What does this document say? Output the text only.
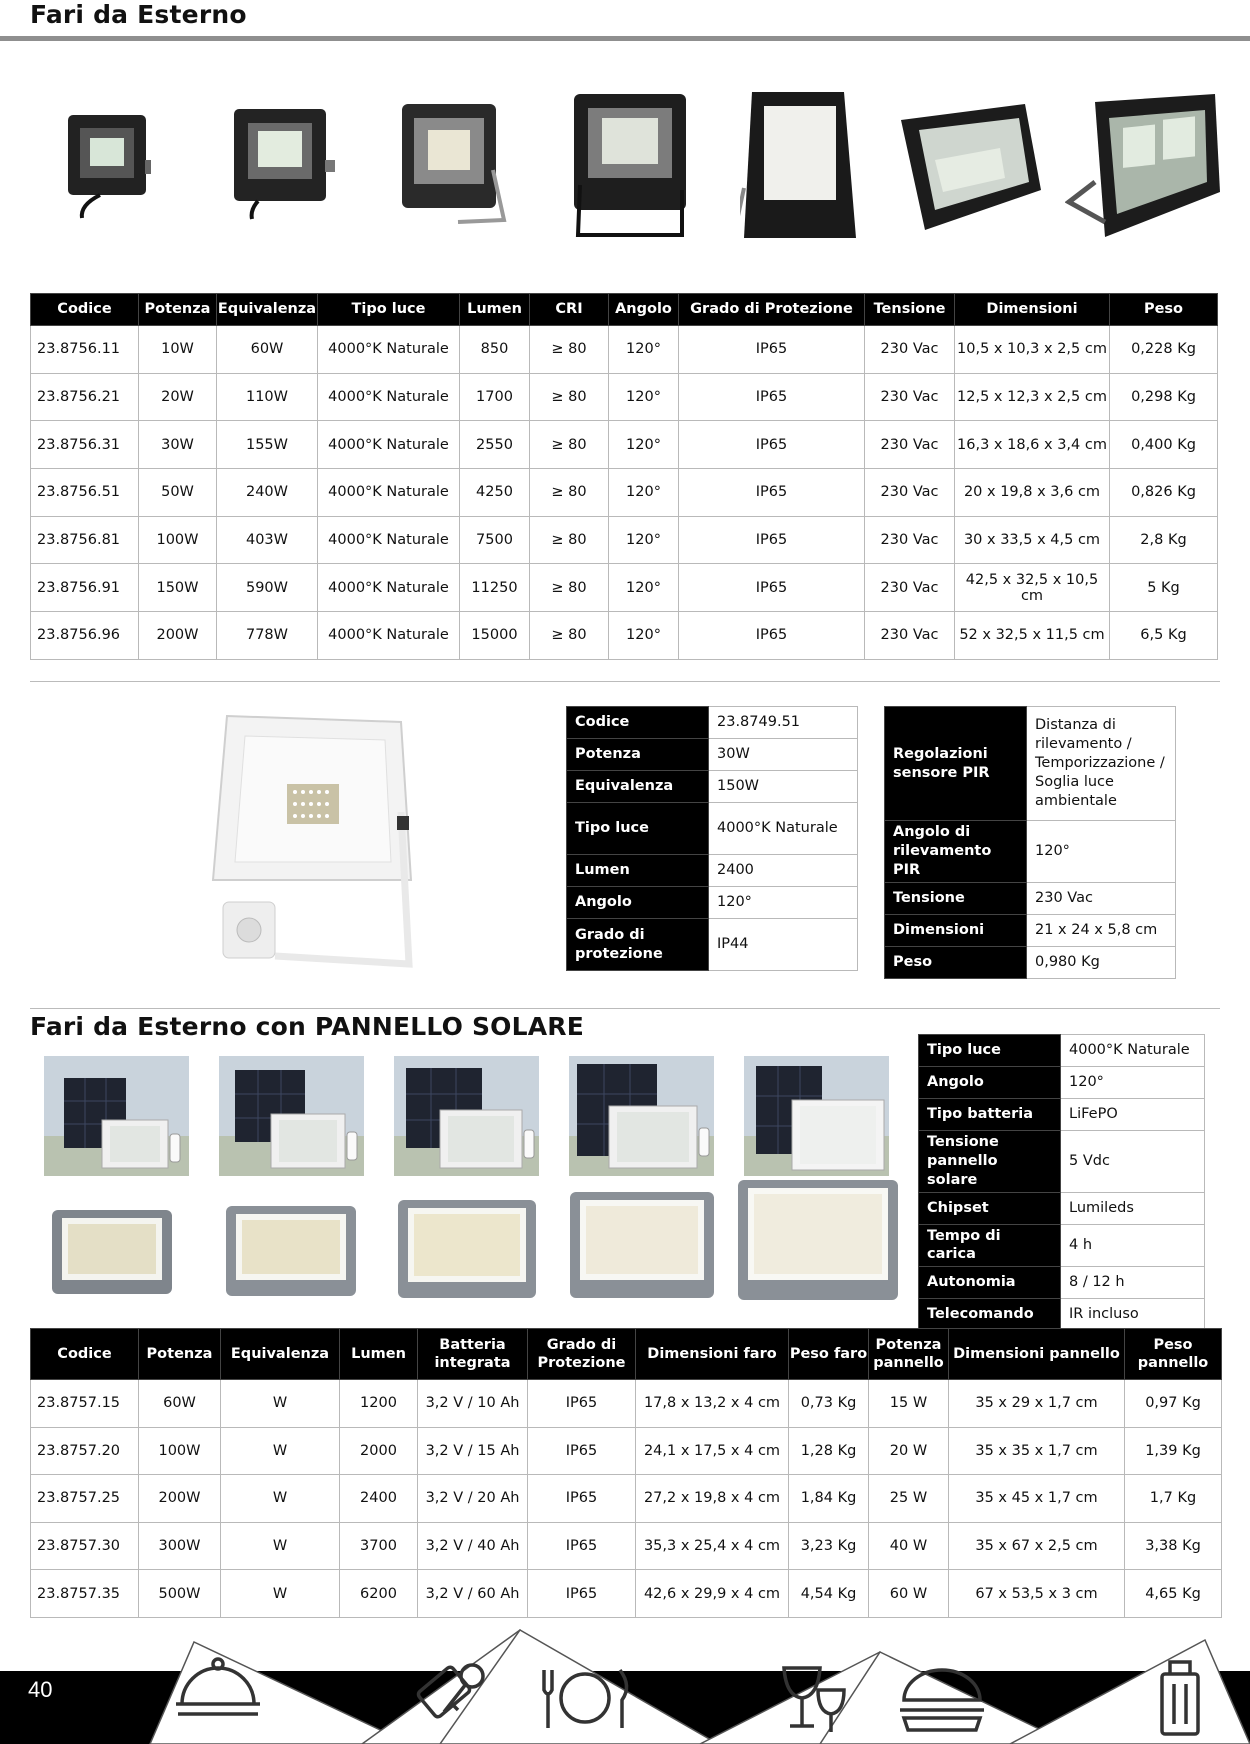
Fari da Esterno
Codice	Potenza	Equivalenza	Tipo luce	Lumen	CRI	Angolo	Grado di Protezione	Tensione	Dimensioni	Peso
23.8756.11	10W	60W	4000°K Naturale	850	≥ 80	120°	IP65	230 Vac	10,5 x 10,3 x 2,5 cm	0,228 Kg
23.8756.21	20W	110W	4000°K Naturale	1700	≥ 80	120°	IP65	230 Vac	12,5 x 12,3 x 2,5 cm	0,298 Kg
23.8756.31	30W	155W	4000°K Naturale	2550	≥ 80	120°	IP65	230 Vac	16,3 x 18,6 x 3,4 cm	0,400 Kg
23.8756.51	50W	240W	4000°K Naturale	4250	≥ 80	120°	IP65	230 Vac	20 x 19,8 x 3,6 cm	0,826 Kg
23.8756.81	100W	403W	4000°K Naturale	7500	≥ 80	120°	IP65	230 Vac	30 x 33,5 x 4,5 cm	2,8 Kg
23.8756.91	150W	590W	4000°K Naturale	11250	≥ 80	120°	IP65	230 Vac	42,5 x 32,5 x 10,5 cm	5 Kg
23.8756.96	200W	778W	4000°K Naturale	15000	≥ 80	120°	IP65	230 Vac	52 x 32,5 x 11,5 cm	6,5 Kg
Codice	23.8749.51
Potenza	30W
Equivalenza	150W
Tipo luce	4000°K Naturale
Lumen	2400
Angolo	120°
Grado di protezione	IP44
Regolazioni sensore PIR	Distanza di rilevamento / Temporizzazione / Soglia luce ambientale
Angolo di rilevamento PIR	120°
Tensione	230 Vac
Dimensioni	21 x 24 x 5,8 cm
Peso	0,980 Kg
Fari da Esterno con PANNELLO SOLARE
Tipo luce	4000°K Naturale
Angolo	120°
Tipo batteria	LiFePO
Tensione pannello solare	5 Vdc
Chipset	Lumileds
Tempo di carica	4 h
Autonomia	8 / 12 h
Telecomando	IR incluso
Codice	Potenza	Equivalenza	Lumen	Batteria integrata	Grado di Protezione	Dimensioni faro	Peso faro	Potenza pannello	Dimensioni pannello	Peso pannello
23.8757.15	60W	W	1200	3,2 V / 10 Ah	IP65	17,8 x 13,2 x 4 cm	0,73 Kg	15 W	35 x 29 x 1,7 cm	0,97 Kg
23.8757.20	100W	W	2000	3,2 V / 15 Ah	IP65	24,1 x 17,5 x 4 cm	1,28 Kg	20 W	35 x 35 x 1,7 cm	1,39 Kg
23.8757.25	200W	W	2400	3,2 V / 20 Ah	IP65	27,2 x 19,8 x 4 cm	1,84 Kg	25 W	35 x 45 x 1,7 cm	1,7 Kg
23.8757.30	300W	W	3700	3,2 V / 40 Ah	IP65	35,3 x 25,4 x 4 cm	3,23 Kg	40 W	35 x 67 x 2,5 cm	3,38 Kg
23.8757.35	500W	W	6200	3,2 V / 60 Ah	IP65	42,6 x 29,9 x 4 cm	4,54 Kg	60 W	67 x 53,5 x 3 cm	4,65 Kg
40
